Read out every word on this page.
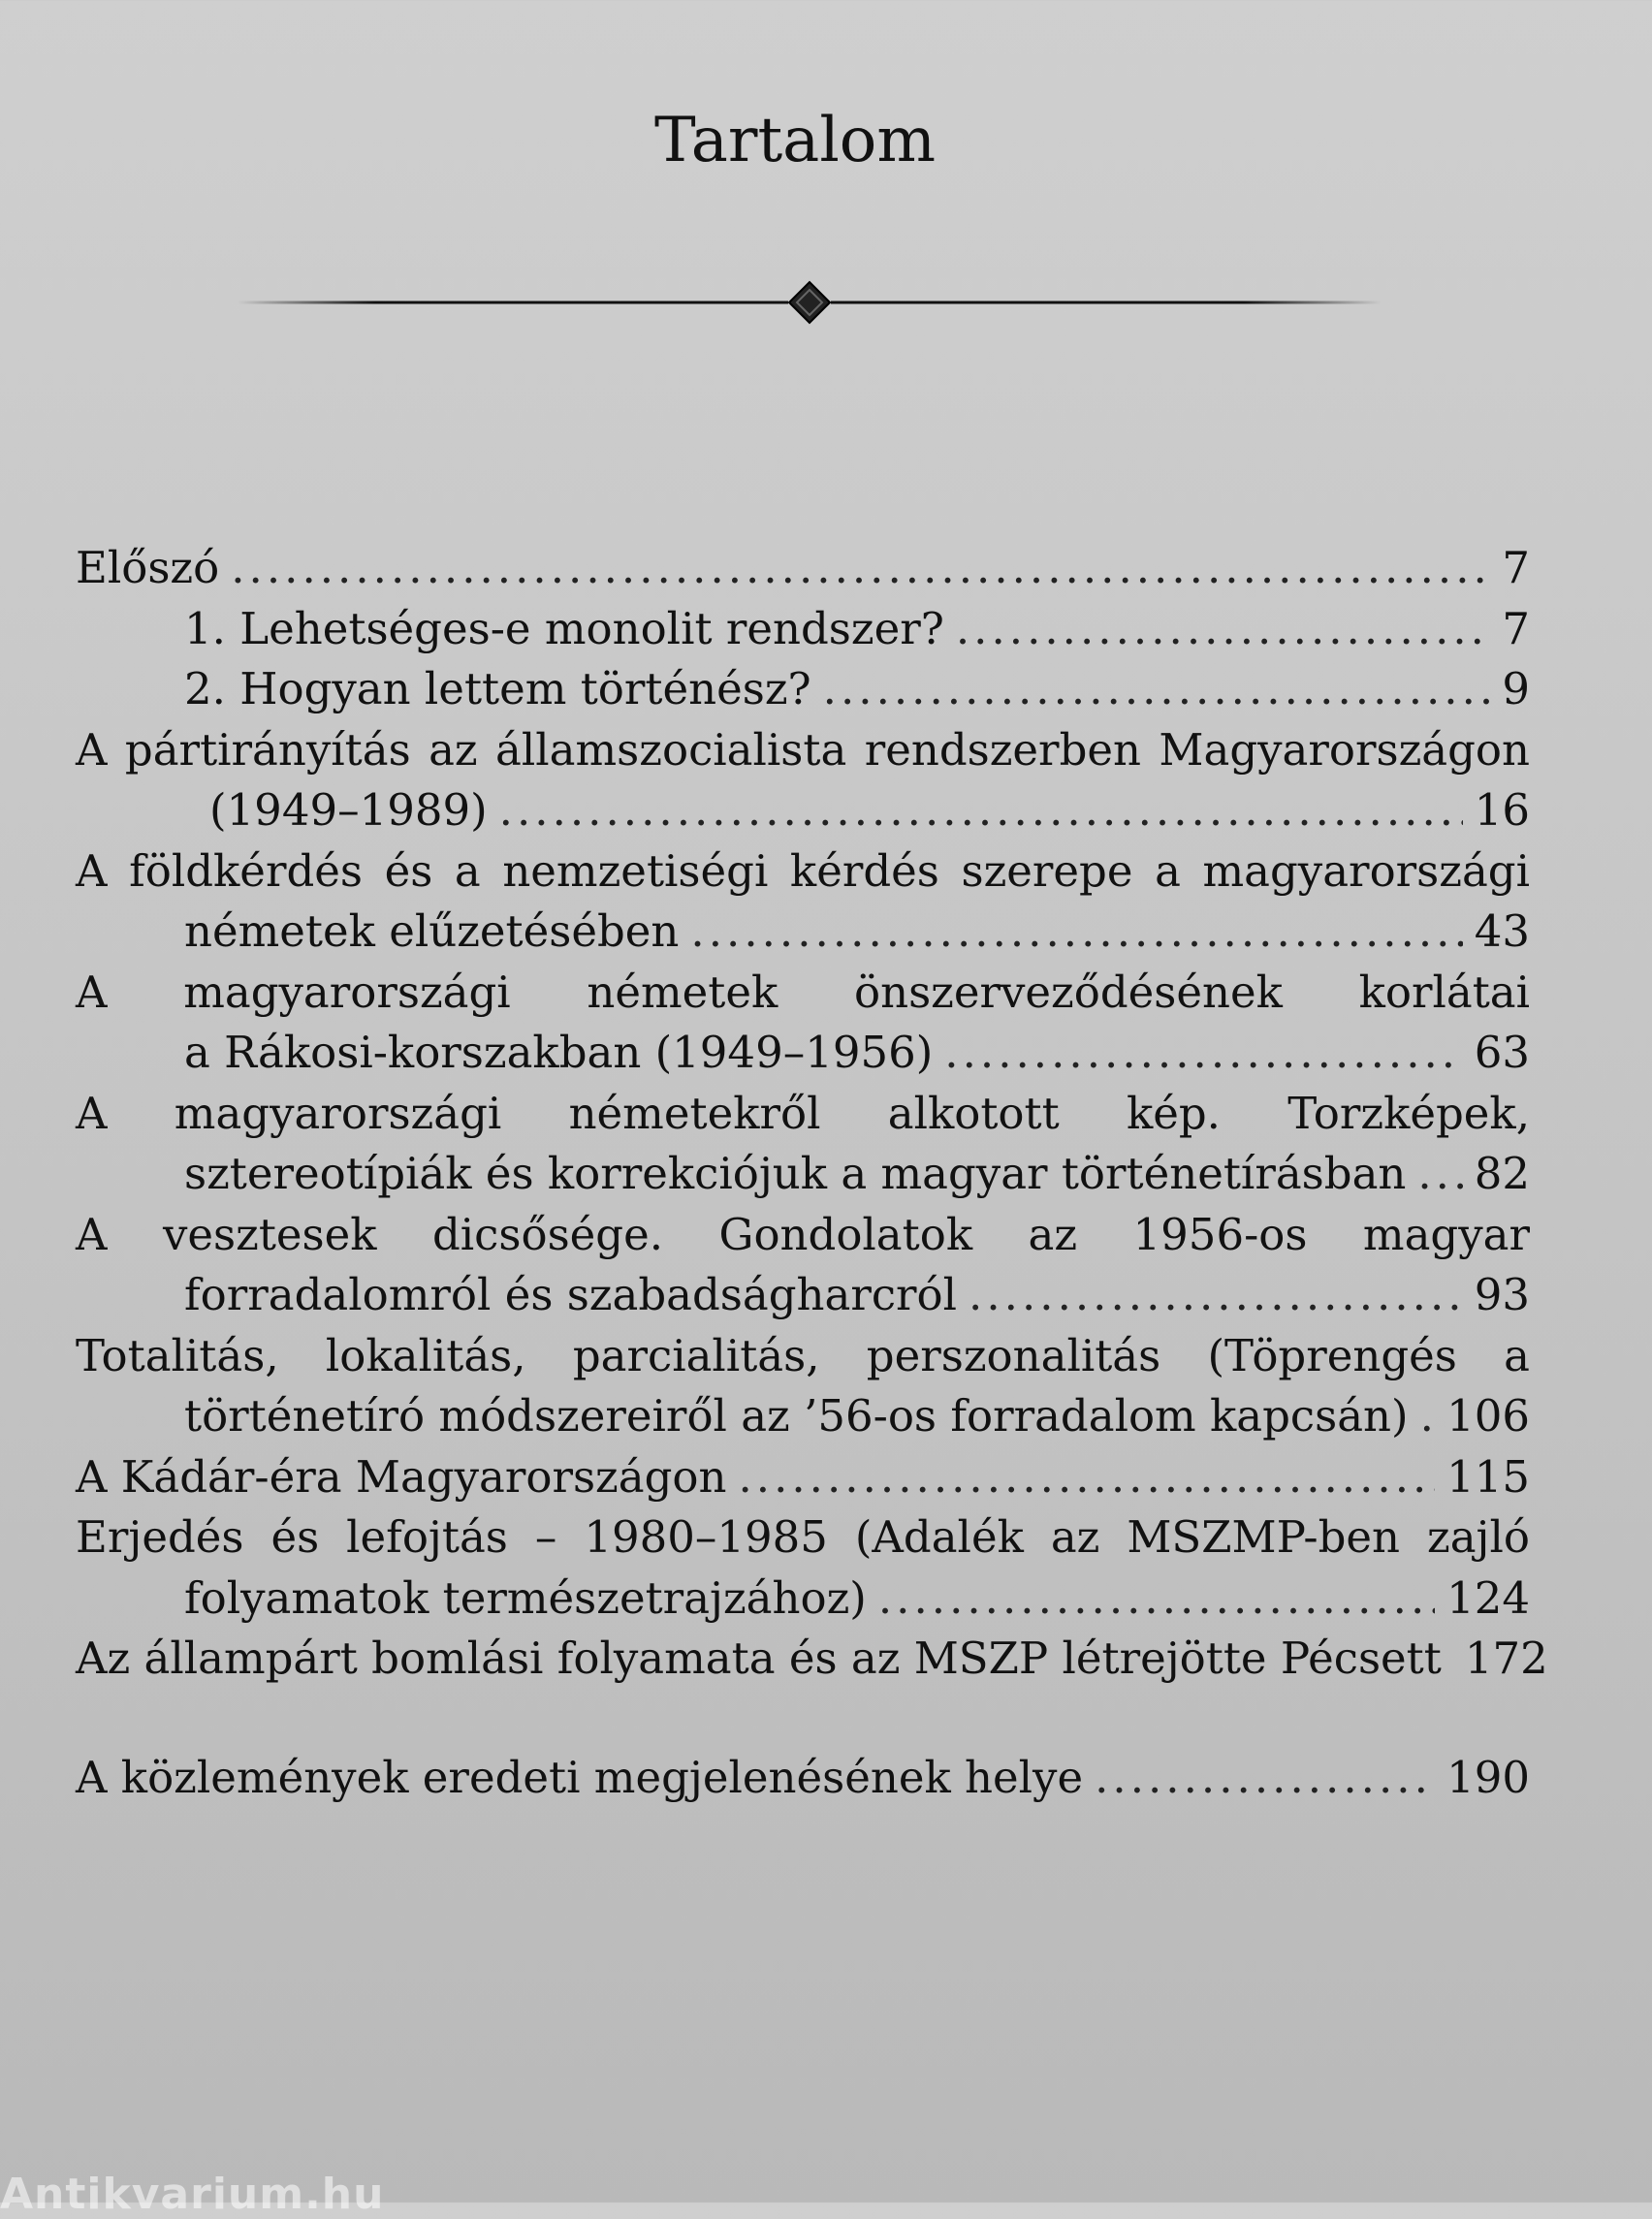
Tartalom
Előszó .....	7
1. Lehetséges-e monolit rendszer? .....	7
2. Hogyan lettem történész? .....	9
A pártirányítás az államszocialista rendszerben Magyarországon
(1949–1989) .....	16
A földkérdés és a nemzetiségi kérdés szerepe a magyarországi
németek elűzetésében .....	43
A magyarországi németek önszerveződésének korlátai
a Rákosi-korszakban (1949–1956) .....	63
A magyarországi németekről alkotott kép. Torzképek,
sztereotípiák és korrekciójuk a magyar történetírásban ..... 82
A vesztesek dicsősége. Gondolatok az 1956-os magyar
forradalomról és szabadságharcról .....	93
Totalitás, lokalitás, parcialitás, perszonalitás (Töprengés a
történetíró módszereiről az ’56-os forradalom kapcsán) ..... 106
A Kádár-éra Magyarországon .....	115
Erjedés és lefojtás – 1980–1985 (Adalék az MSZMP-ben zajló
folyamatok természetrajzához) .....	124
Az állampárt bomlási folyamata és az MSZP létrejötte Pécsett 172
A közlemények eredeti megjelenésének helye .....	190
Antikvarium.hu
